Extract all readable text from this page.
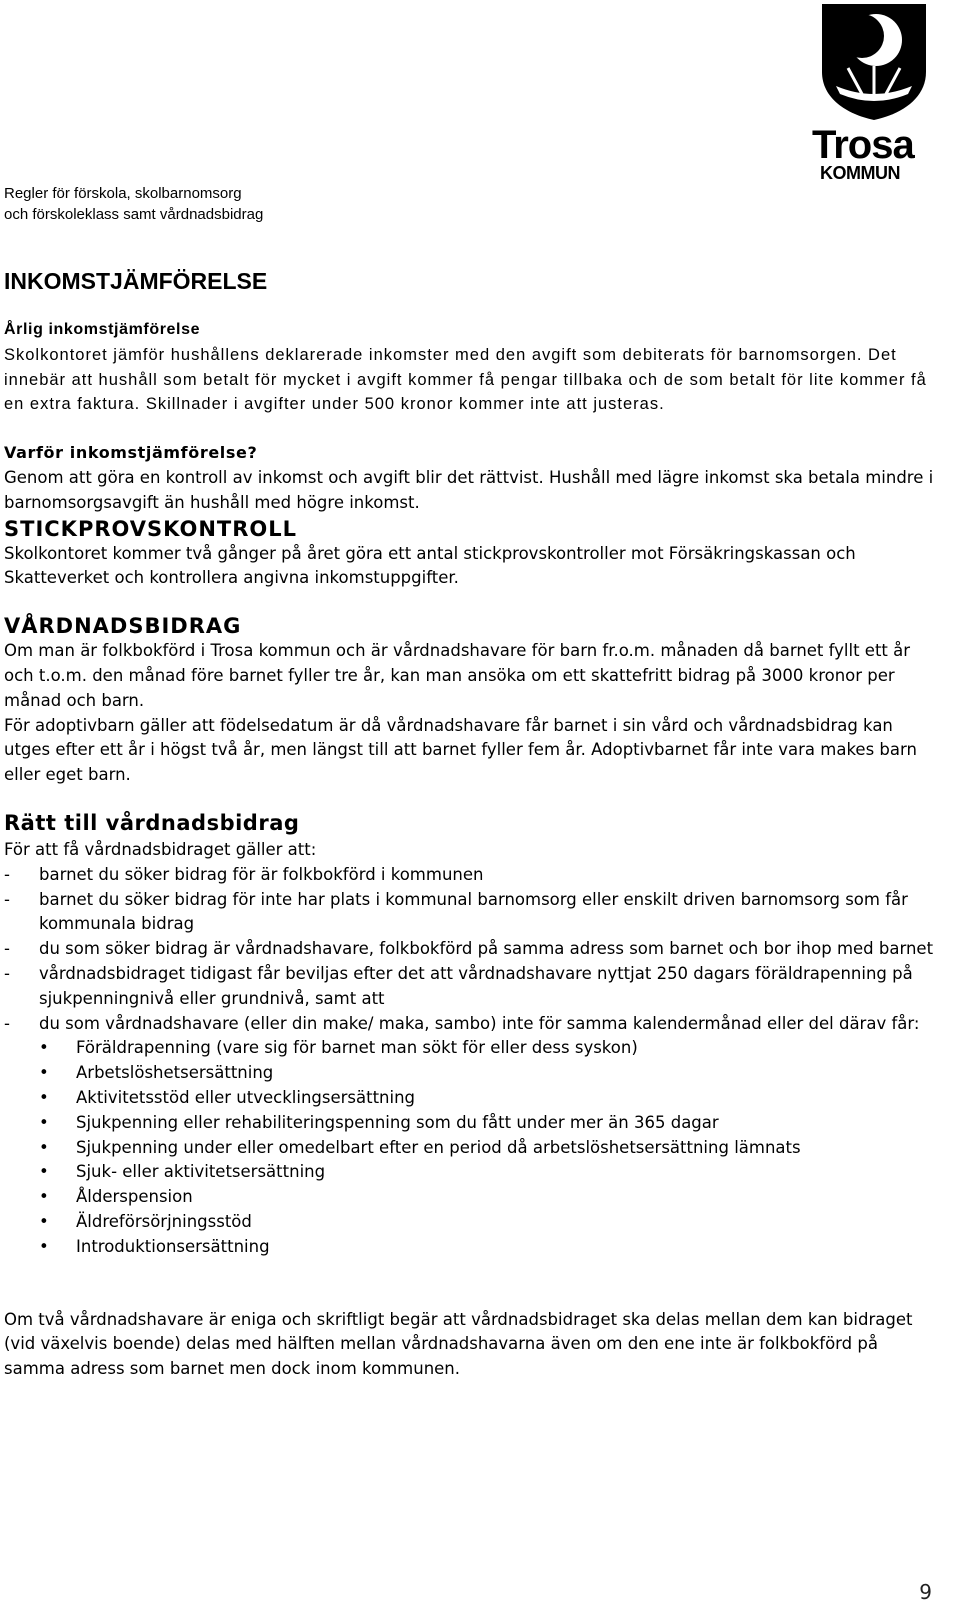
Regler för förskola, skolbarnomsorg
och förskoleklass samt vårdnadsbidrag
Trosa
KOMMUN
INKOMSTJÄMFÖRELSE
Årlig inkomstjämförelse

Skolkontoret jämför hushållens deklarerade inkomster med den avgift som debiterats för barnomsorgen. Det innebär att hushåll som betalt för mycket i avgift kommer få pengar tillbaka och de som betalt för lite kommer få en extra faktura. Skillnader i avgifter under 500 kronor kommer inte att justeras.

Varför inkomstjämförelse?

Genom att göra en kontroll av inkomst och avgift blir det rättvist. Hushåll med lägre inkomst ska betala mindre i barnomsorgsavgift än hushåll med högre inkomst.

STICKPROVSKONTROLL

Skolkontoret kommer två gånger på året göra ett antal stickprovskontroller mot Försäkringskassan och Skatteverket och kontrollera angivna inkomstuppgifter.

VÅRDNADSBIDRAG

Om man är folkbokförd i Trosa kommun och är vårdnadshavare för barn fr.o.m. månaden då barnet fyllt ett år och t.o.m. den månad före barnet fyller tre år, kan man ansöka om ett skattefritt bidrag på 3000 kronor per månad och barn.

För adoptivbarn gäller att födelsedatum är då vårdnadshavare får barnet i sin vård och vårdnadsbidrag kan utges efter ett år i högst två år, men längst till att barnet fyller fem år. Adoptivbarnet får inte vara makes barn eller eget barn.

Rätt till vårdnadsbidrag

För att få vårdnadsbidraget gäller att:

- barnet du söker bidrag för är folkbokförd i kommunen
- barnet du söker bidrag för inte har plats i kommunal barnomsorg eller enskilt driven barnomsorg som får kommunala bidrag
- du som söker bidrag är vårdnadshavare, folkbokförd på samma adress som barnet och bor ihop med barnet
- vårdnadsbidraget tidigast får beviljas efter det att vårdnadshavare nyttjat 250 dagars föräldrapenning på sjukpenningnivå eller grundnivå, samt att
- du som vårdnadshavare (eller din make/ maka, sambo) inte för samma kalendermånad eller del därav får:
• Föräldrapenning (vare sig för barnet man sökt för eller dess syskon)
• Arbetslöshetsersättning
• Aktivitetsstöd eller utvecklingsersättning
• Sjukpenning eller rehabiliteringspenning som du fått under mer än 365 dagar
• Sjukpenning under eller omedelbart efter en period då arbetslöshetsersättning lämnats
• Sjuk- eller aktivitetsersättning
• Ålderspension
• Äldreförsörjningsstöd
• Introduktionsersättning

Om två vårdnadshavare är eniga och skriftligt begär att vårdnadsbidraget ska delas mellan dem kan bidraget (vid växelvis boende) delas med hälften mellan vårdnadshavarna även om den ene inte är folkbokförd på samma adress som barnet men dock inom kommunen.

9
